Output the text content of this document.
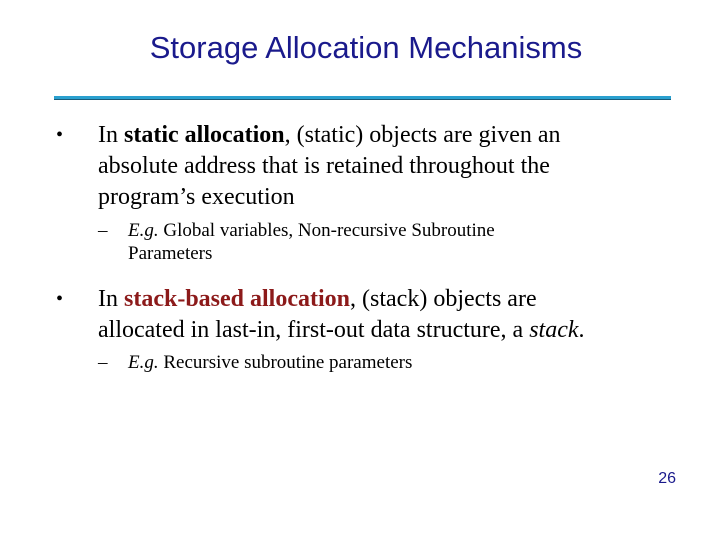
Storage Allocation Mechanisms
• In static allocation, (static) objects are given an
absolute address that is retained throughout the
program’s execution
– E.g. Global variables, Non-recursive Subroutine
Parameters
• In stack-based allocation, (stack) objects are
allocated in last-in, first-out data structure, a stack.
– E.g. Recursive subroutine parameters
26
